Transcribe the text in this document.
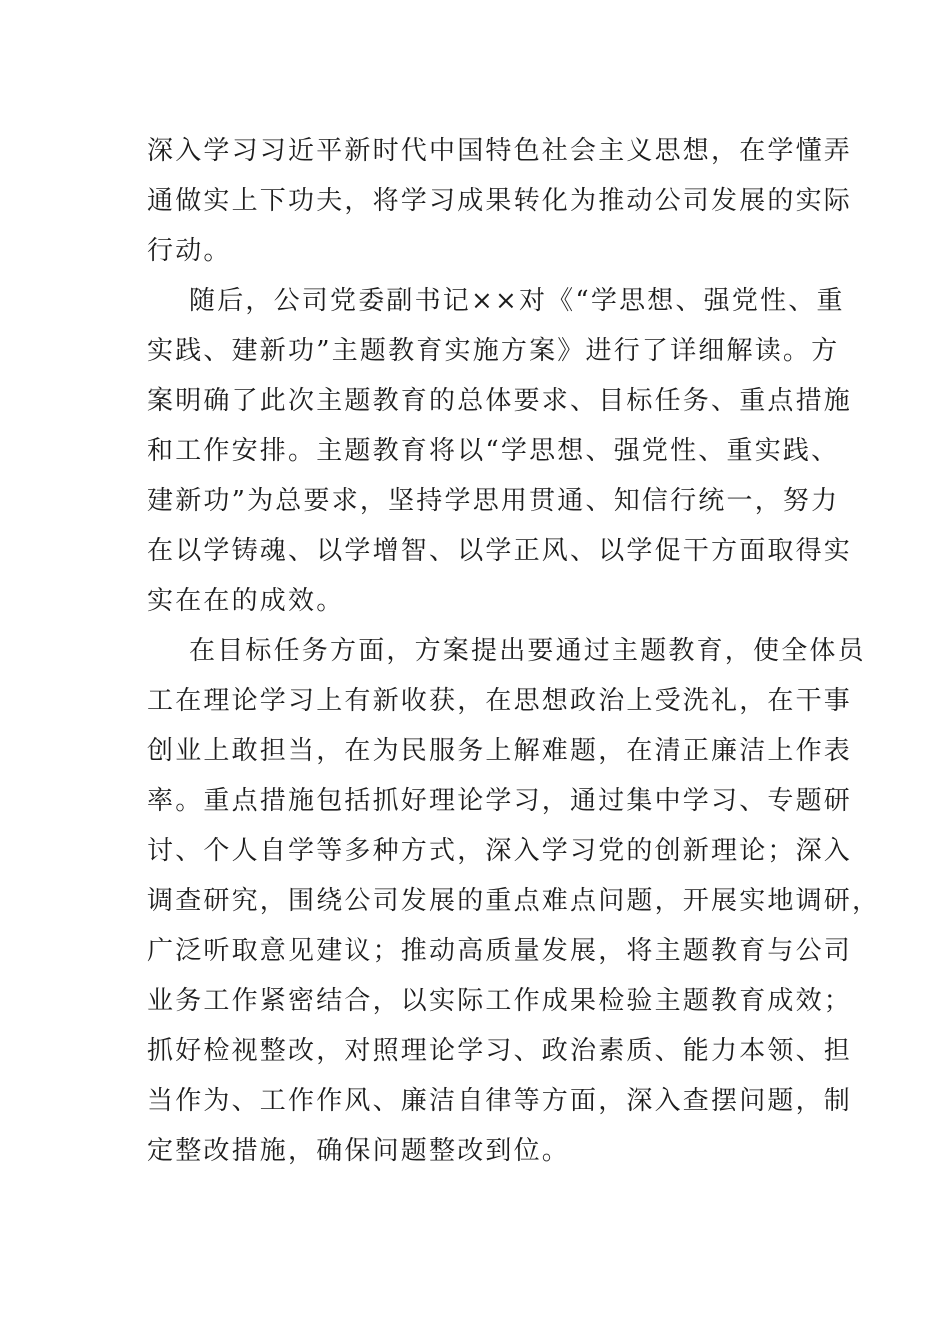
深入学习习近平新时代中国特色社会主义思想，在学懂弄
通做实上下功夫，将学习成果转化为推动公司发展的实际
行动。
随后，公司党委副书记××对《“学思想、强党性、重
实践、建新功”主题教育实施方案》进行了详细解读。方
案明确了此次主题教育的总体要求、目标任务、重点措施
和工作安排。主题教育将以“学思想、强党性、重实践、
建新功”为总要求，坚持学思用贯通、知信行统一，努力
在以学铸魂、以学增智、以学正风、以学促干方面取得实
实在在的成效。
在目标任务方面，方案提出要通过主题教育，使全体员
工在理论学习上有新收获，在思想政治上受洗礼，在干事
创业上敢担当，在为民服务上解难题，在清正廉洁上作表
率。重点措施包括抓好理论学习，通过集中学习、专题研
讨、个人自学等多种方式，深入学习党的创新理论；深入
调查研究，围绕公司发展的重点难点问题，开展实地调研，
广泛听取意见建议；推动高质量发展，将主题教育与公司
业务工作紧密结合，以实际工作成果检验主题教育成效；
抓好检视整改，对照理论学习、政治素质、能力本领、担
当作为、工作作风、廉洁自律等方面，深入查摆问题，制
定整改措施，确保问题整改到位。
